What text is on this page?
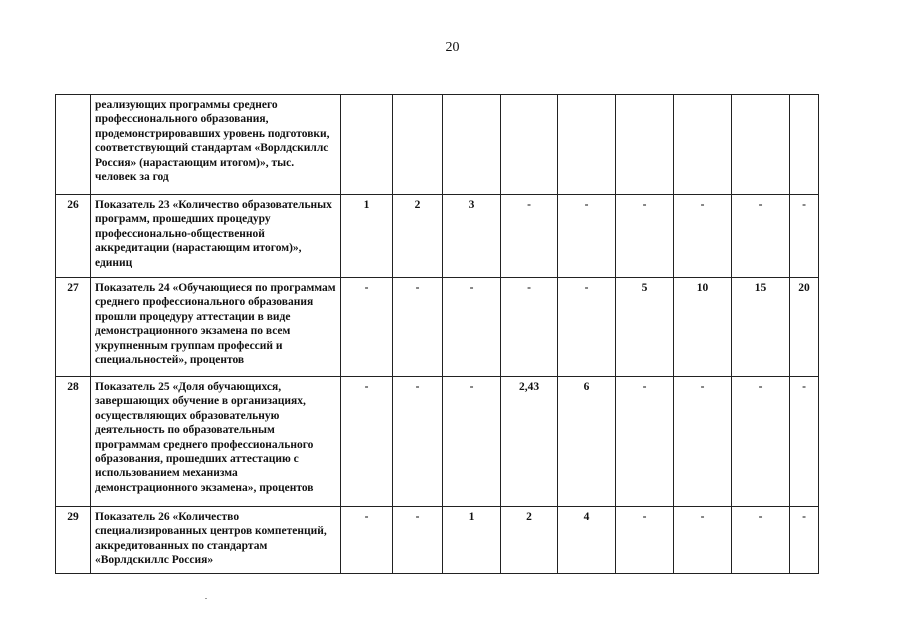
20
	реализующих программы среднего профессионального образования, продемонстрировавших уровень подготовки, соответствующий стандартам «Ворлдскиллс Россия» (нарастающим итогом)», тыс. человек за год									
26	Показатель 23 «Количество образовательных программ, прошедших процедуру профессионально-общественной аккредитации (нарастающим итогом)», единиц	1	2	3	-	-	-	-	-	-
27	Показатель 24 «Обучающиеся по программам среднего профессионального образования прошли процедуру аттестации в виде демонстрационного экзамена по всем укрупненным группам профессий и специальностей», процентов	-	-	-	-	-	5	10	15	20
28	Показатель 25 «Доля обучающихся, завершающих обучение в организациях, осуществляющих образовательную деятельность по образовательным программам среднего профессионального образования, прошедших аттестацию с использованием механизма демонстрационного экзамена», процентов	-	-	-	2,43	6	-	-	-	-
29	Показатель 26 «Количество специализированных центров компетенций, аккредитованных по стандартам «Ворлдскиллс Россия»	-	-	1	2	4	-	-	-	-
